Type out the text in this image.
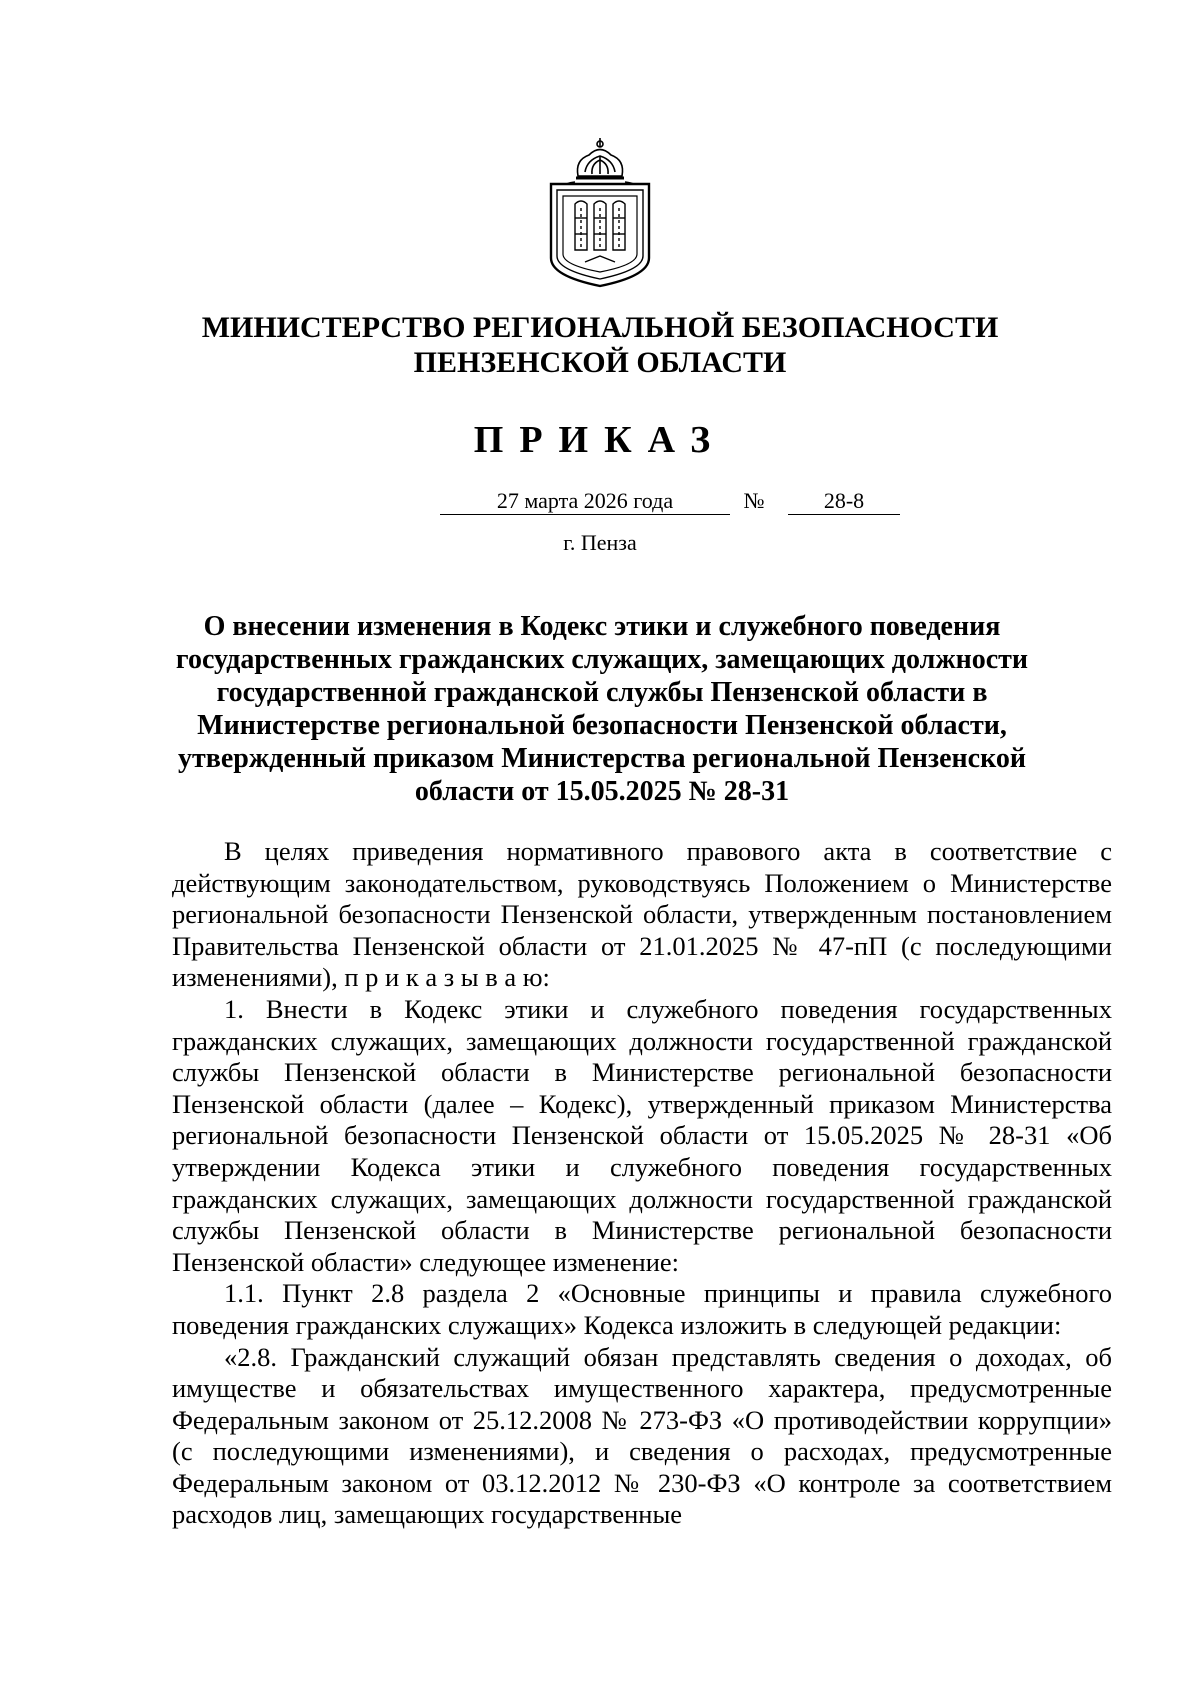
МИНИСТЕРСТВО РЕГИОНАЛЬНОЙ БЕЗОПАСНОСТИ
ПЕНЗЕНСКОЙ ОБЛАСТИ
ПРИКАЗ
27 марта 2026 года	№	28-8
г. Пенза
О внесении изменения в Кодекс этики и служебного поведения
государственных гражданских служащих, замещающих должности
государственной гражданской службы Пензенской области в
Министерстве региональной безопасности Пензенской области,
утвержденный приказом Министерства региональной Пензенской
области от 15.05.2025 № 28-31

В целях приведения нормативного правового акта в соответствие с действующим законодательством, руководствуясь Положением о Министерстве региональной безопасности Пензенской области, утвержденным постановлением Правительства Пензенской области от 21.01.2025 № 47-пП (с последующими изменениями), п р и к а з ы в а ю:

1. Внести в Кодекс этики и служебного поведения государственных гражданских служащих, замещающих должности государственной гражданской службы Пензенской области в Министерстве региональной безопасности Пензенской области (далее – Кодекс), утвержденный приказом Министерства региональной безопасности Пензенской области от 15.05.2025 № 28-31 «Об утверждении Кодекса этики и служебного поведения государственных гражданских служащих, замещающих должности государственной гражданской службы Пензенской области в Министерстве региональной безопасности Пензенской области» следующее изменение:

1.1. Пункт 2.8 раздела 2 «Основные принципы и правила служебного поведения гражданских служащих» Кодекса изложить в следующей редакции:

«2.8. Гражданский служащий обязан представлять сведения о доходах, об имуществе и обязательствах имущественного характера, предусмотренные Федеральным законом от 25.12.2008 № 273-ФЗ «О противодействии коррупции» (с последующими изменениями), и сведения о расходах, предусмотренные Федеральным законом от 03.12.2012 № 230-ФЗ «О контроле за соответствием расходов лиц, замещающих государственные
